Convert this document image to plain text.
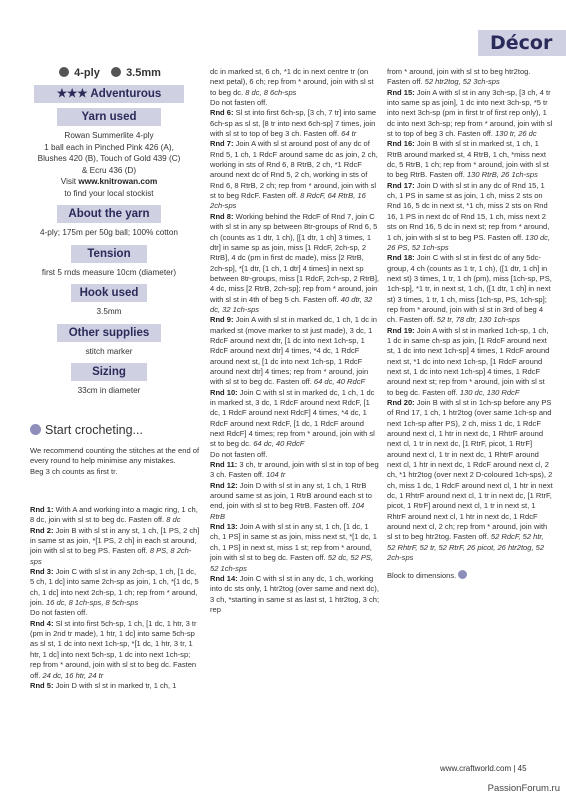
Décor
4-ply 3.5mm
★★★ Adventurous
Yarn used
Rowan Summerlite 4-ply
1 ball each in Pinched Pink 426 (A),
Blushes 420 (B), Touch of Gold 439 (C)
& Ecru 436 (D)
Visit www.knitrowan.com
to find your local stockist
About the yarn
4-ply; 175m per 50g ball; 100% cotton
Tension
first 5 rnds measure 10cm (diameter)
Hook used
3.5mm
Other supplies
stitch marker
Sizing
33cm in diameter
Start crocheting...
We recommend counting the stitches at the end of every round to help minimise any mistakes.
Beg 3 ch counts as first tr.

Rnd 1: With A and working into a magic ring, 1 ch, 8 dc, join with sl st to beg dc. Fasten off. 8 dc

Rnd 2: Join B with sl st in any st, 1 ch, [1 PS, 2 ch] in same st as join, *[1 PS, 2 ch] in each st around, join with sl st to beg PS. Fasten off. 8 PS, 8 2ch-sps

Rnd 3: Join C with sl st in any 2ch-sp, 1 ch, [1 dc, 5 ch, 1 dc] into same 2ch-sp as join, 1 ch, *[1 dc, 5 ch, 1 dc] into next 2ch-sp, 1 ch; rep from * around, join. 16 dc, 8 1ch-sps, 8 5ch-sps

Do not fasten off.

Rnd 4: Sl st into first 5ch-sp, 1 ch, [1 dc, 1 htr, 3 tr (pm in 2nd tr made), 1 htr, 1 dc] into same 5ch-sp as sl st, 1 dc into next 1ch-sp, *[1 dc, 1 htr, 3 tr, 1 htr, 1 dc] into next 5ch-sp, 1 dc into next 1ch-sp; rep from * around, join with sl st to beg dc. Fasten off. 24 dc, 16 htr, 24 tr

Rnd 5: Join D with sl st in marked tr, 1 ch, 1

dc in marked st, 6 ch, *1 dc in next centre tr (on next petal), 6 ch; rep from * around, join with sl st to beg dc. 8 dc, 8 6ch-sps

Do not fasten off.

Rnd 6: Sl st into first 6ch-sp, [3 ch, 7 tr] into same 6ch-sp as sl st, [8 tr into next 6ch-sp] 7 times, join with sl st to top of beg 3 ch. Fasten off. 64 tr

Rnd 7: Join A with sl st around post of any dc of Rnd 5, 1 ch, 1 RdcF around same dc as join, 2 ch, working in sts of Rnd 6, 8 RtrB, 2 ch, *1 RdcF around next dc of Rnd 5, 2 ch, working in sts of Rnd 6, 8 RtrB, 2 ch; rep from * around, join with sl st to beg RdcF. Fasten off. 8 RdcF, 64 RtrB, 16 2ch-sps

Rnd 8: Working behind the RdcF of Rnd 7, join C with sl st in any sp between 8tr-groups of Rnd 6, 5 ch (counts as 1 dtr, 1 ch), [[1 dtr, 1 ch] 3 times, 1 dtr] in same sp as join, miss [1 RdcF, 2ch-sp, 2 RtrB], 4 dc (pm in first dc made), miss [2 RtrB, 2ch-sp], *[1 dtr, [1 ch, 1 dtr] 4 times] in next sp between 8tr-groups, miss [1 RdcF, 2ch-sp, 2 RtrB], 4 dc, miss [2 RtrB, 2ch-sp]; rep from * around, join with sl st in 4th of beg 5 ch. Fasten off. 40 dtr, 32 dc, 32 1ch-sps

Rnd 9: Join A with sl st in marked dc, 1 ch, 1 dc in marked st (move marker to st just made), 3 dc, 1 RdcF around next dtr, [1 dc into next 1ch-sp, 1 RdcF around next dtr] 4 times, *4 dc, 1 RdcF around next st, [1 dc into next 1ch-sp, 1 RdcF around next dtr] 4 times; rep from * around, join with sl st to beg dc. Fasten off. 64 dc, 40 RdcF

Rnd 10: Join C with sl st in marked dc, 1 ch, 1 dc in marked st, 3 dc, 1 RdcF around next RdcF, [1 dc, 1 RdcF around next RdcF] 4 times, *4 dc, 1 RdcF around next RdcF, [1 dc, 1 RdcF around next RdcF] 4 times; rep from * around, join with sl st to beg dc. 64 dc, 40 RdcF

Do not fasten off.

Rnd 11: 3 ch, tr around, join with sl st in top of beg 3 ch. Fasten off. 104 tr

Rnd 12: Join D with sl st in any st, 1 ch, 1 RtrB around same st as join, 1 RtrB around each st to end, join with sl st to beg RtrB. Fasten off. 104 RtrB

Rnd 13: Join A with sl st in any st, 1 ch, [1 dc, 1 ch, 1 PS] in same st as join, miss next st, *[1 dc, 1 ch, 1 PS] in next st, miss 1 st; rep from * around, join with sl st to beg dc. Fasten off. 52 dc, 52 PS, 52 1ch-sps

Rnd 14: Join C with sl st in any dc, 1 ch, working into dc sts only, 1 htr2tog (over same and next dc), 3 ch, *starting in same st as last st, 1 htr2tog, 3 ch; rep

from * around, join with sl st to beg htr2tog. Fasten off. 52 htr2tog, 52 3ch-sps

Rnd 15: Join A with sl st in any 3ch-sp, [3 ch, 4 tr into same sp as join], 1 dc into next 3ch-sp, *5 tr into next 3ch-sp (pm in first tr of first rep only), 1 dc into next 3ch-sp; rep from * around, join with sl st to top of beg 3 ch. Fasten off. 130 tr, 26 dc

Rnd 16: Join B with sl st in marked st, 1 ch, 1 RtrB around marked st, 4 RtrB, 1 ch, *miss next dc, 5 RtrB, 1 ch; rep from * around, join with sl st to beg RtrB. Fasten off. 130 RtrB, 26 1ch-sps

Rnd 17: Join D with sl st in any dc of Rnd 15, 1 ch, 1 PS in same st as join, 1 ch, miss 2 sts on Rnd 16, 5 dc in next st, *1 ch, miss 2 sts on Rnd 16, 1 PS in next dc of Rnd 15, 1 ch, miss next 2 sts on Rnd 16, 5 dc in next st; rep from * around, 1 ch, join with sl st to beg PS. Fasten off. 130 dc, 26 PS, 52 1ch-sps

Rnd 18: Join C with sl st in first dc of any 5dc-group, 4 ch (counts as 1 tr, 1 ch), ([1 dtr, 1 ch] in next st) 3 times, 1 tr, 1 ch (pm), miss [1ch-sp, PS, 1ch-sp], *1 tr, in next st, 1 ch, ([1 dtr, 1 ch] in next st) 3 times, 1 tr, 1 ch, miss [1ch-sp, PS, 1ch-sp]; rep from * around, join with sl st in 3rd of beg 4 ch. Fasten off. 52 tr, 78 dtr, 130 1ch-sps

Rnd 19: Join A with sl st in marked 1ch-sp, 1 ch, 1 dc in same ch-sp as join, [1 RdcF around next st, 1 dc into next 1ch-sp] 4 times, 1 RdcF around next st, *1 dc into next 1ch-sp, [1 RdcF around next st, 1 dc into next 1ch-sp] 4 times, 1 RdcF around next st; rep from * around, join with sl st to beg dc. Fasten off. 130 dc, 130 RdcF

Rnd 20: Join B with sl st in 1ch-sp before any PS of Rnd 17, 1 ch, 1 htr2tog (over same 1ch-sp and next 1ch-sp after PS), 2 ch, miss 1 dc, 1 RdcF around next cl, 1 htr in next dc, 1 RhtrF around next cl, 1 tr in next dc, [1 RtrF, picot, 1 RtrF] around next cl, 1 tr in next dc, 1 RhtrF around next cl, 1 htr in next dc, 1 RdcF around next cl, 2 ch, *1 htr2tog (over next 2 D-coloured 1ch-sps), 2 ch, miss 1 dc, 1 RdcF around next cl, 1 htr in next dc, 1 RhtrF around next cl, 1 tr in next dc, [1 RtrF, picot, 1 RtrF] around next cl, 1 tr in next st, 1 RhtrF around next cl, 1 htr in next dc, 1 RdcF around next cl, 2 ch; rep from * around, join with sl st to beg htr2tog. Fasten off. 52 RdcF, 52 htr, 52 RhtrF, 52 tr, 52 RtrF, 26 picot, 26 htr2tog, 52 2ch-sps

Block to dimensions.

www.craftworld.com | 45
PassionForum.ru
